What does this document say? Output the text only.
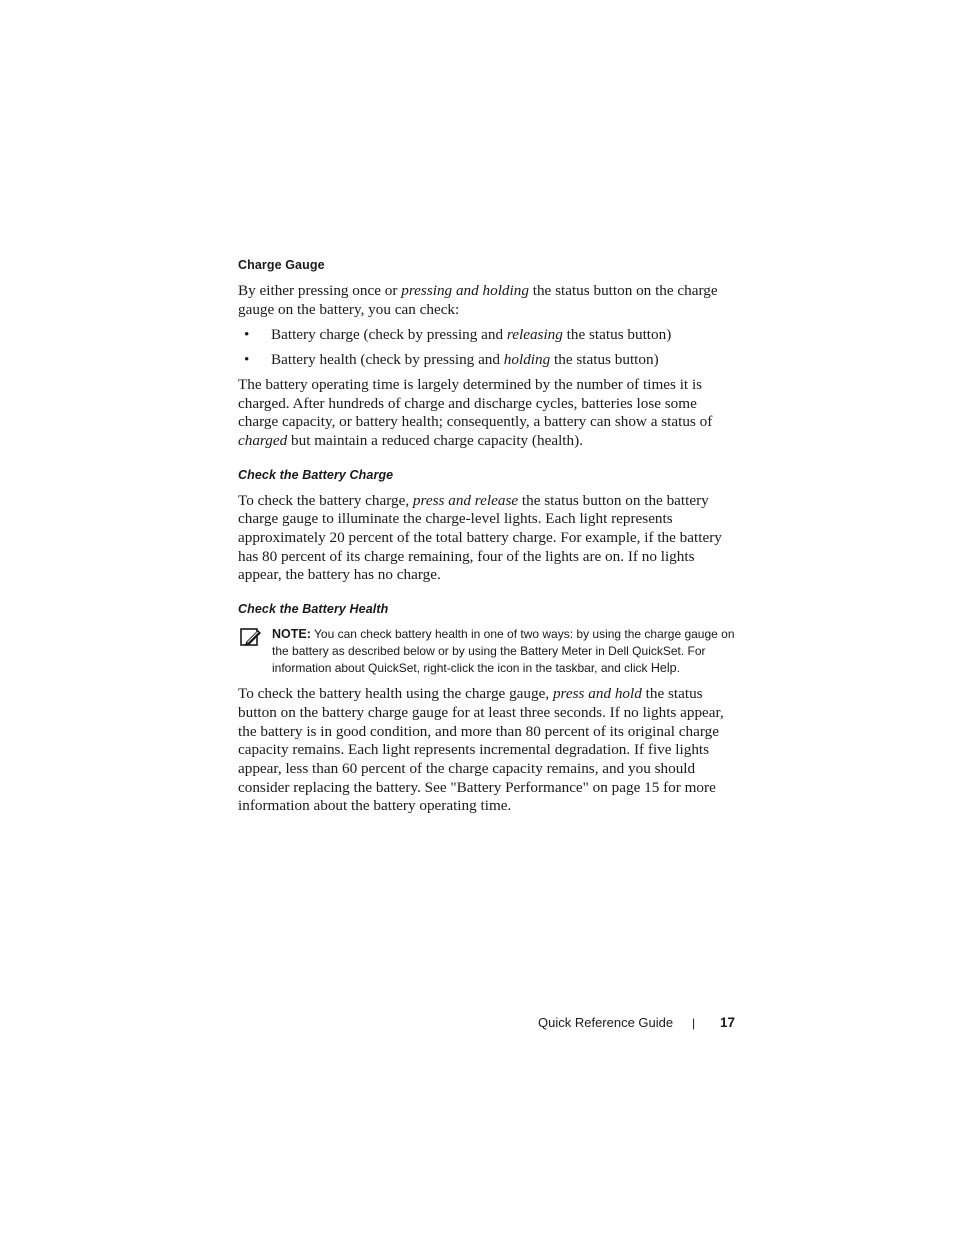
Charge Gauge

By either pressing once or pressing and holding the status button on the charge gauge on the battery, you can check:

• Battery charge (check by pressing and releasing the status button)
• Battery health (check by pressing and holding the status button)

The battery operating time is largely determined by the number of times it is charged. After hundreds of charge and discharge cycles, batteries lose some charge capacity, or battery health; consequently, a battery can show a status of charged but maintain a reduced charge capacity (health).

Check the Battery Charge

To check the battery charge, press and release the status button on the battery charge gauge to illuminate the charge-level lights. Each light represents approximately 20 percent of the total battery charge. For example, if the battery has 80 percent of its charge remaining, four of the lights are on. If no lights appear, the battery has no charge.

Check the Battery Health
NOTE: You can check battery health in one of two ways: by using the charge gauge on the battery as described below or by using the Battery Meter in Dell QuickSet. For information about QuickSet, right-click the icon in the taskbar, and click Help.

To check the battery health using the charge gauge, press and hold the status button on the battery charge gauge for at least three seconds. If no lights appear, the battery is in good condition, and more than 80 percent of its original charge capacity remains. Each light represents incremental degradation. If five lights appear, less than 60 percent of the charge capacity remains, and you should consider replacing the battery. See "Battery Performance" on page 15 for more information about the battery operating time.

Quick Reference Guide | 17
